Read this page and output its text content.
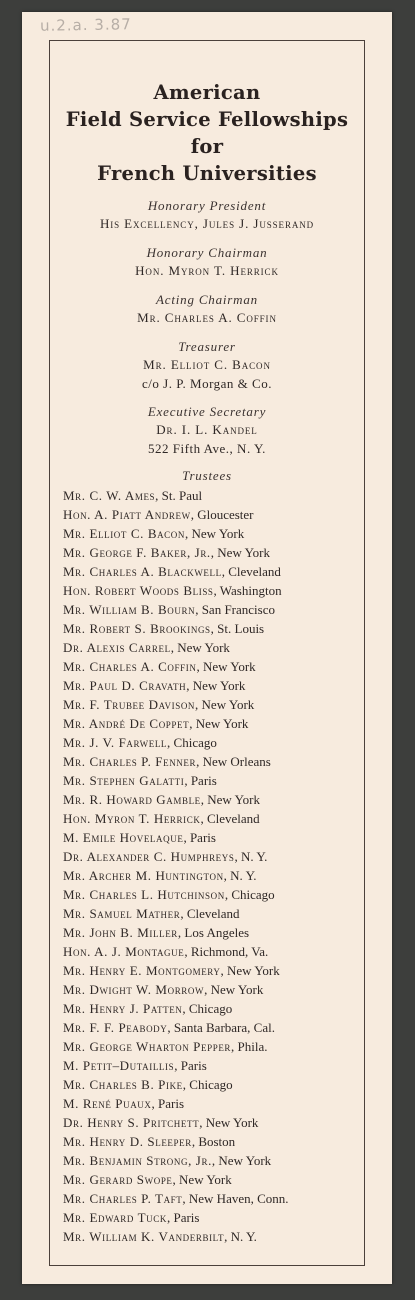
u.2.a. 3.87
American
Field Service Fellowships
for
French Universities
Honorary President
His Excellency, Jules J. Jusserand
Honorary Chairman
Hon. Myron T. Herrick
Acting Chairman
Mr. Charles A. Coffin
Treasurer
Mr. Elliot C. Bacon
c/o J. P. Morgan & Co.
Executive Secretary
Dr. I. L. Kandel
522 Fifth Ave., N. Y.
Trustees
Mr. C. W. Ames, St. Paul
Hon. A. Piatt Andrew, Gloucester
Mr. Elliot C. Bacon, New York
Mr. George F. Baker, Jr., New York
Mr. Charles A. Blackwell, Cleveland
Hon. Robert Woods Bliss, Washington
Mr. William B. Bourn, San Francisco
Mr. Robert S. Brookings, St. Louis
Dr. Alexis Carrel, New York
Mr. Charles A. Coffin, New York
Mr. Paul D. Cravath, New York
Mr. F. Trubee Davison, New York
Mr. André De Coppet, New York
Mr. J. V. Farwell, Chicago
Mr. Charles P. Fenner, New Orleans
Mr. Stephen Galatti, Paris
Mr. R. Howard Gamble, New York
Hon. Myron T. Herrick, Cleveland
M. Emile Hovelaque, Paris
Dr. Alexander C. Humphreys, N. Y.
Mr. Archer M. Huntington, N. Y.
Mr. Charles L. Hutchinson, Chicago
Mr. Samuel Mather, Cleveland
Mr. John B. Miller, Los Angeles
Hon. A. J. Montague, Richmond, Va.
Mr. Henry E. Montgomery, New York
Mr. Dwight W. Morrow, New York
Mr. Henry J. Patten, Chicago
Mr. F. F. Peabody, Santa Barbara, Cal.
Mr. George Wharton Pepper, Phila.
M. Petit–Dutaillis, Paris
Mr. Charles B. Pike, Chicago
M. René Puaux, Paris
Dr. Henry S. Pritchett, New York
Mr. Henry D. Sleeper, Boston
Mr. Benjamin Strong, Jr., New York
Mr. Gerard Swope, New York
Mr. Charles P. Taft, New Haven, Conn.
Mr. Edward Tuck, Paris
Mr. William K. Vanderbilt, N. Y.
